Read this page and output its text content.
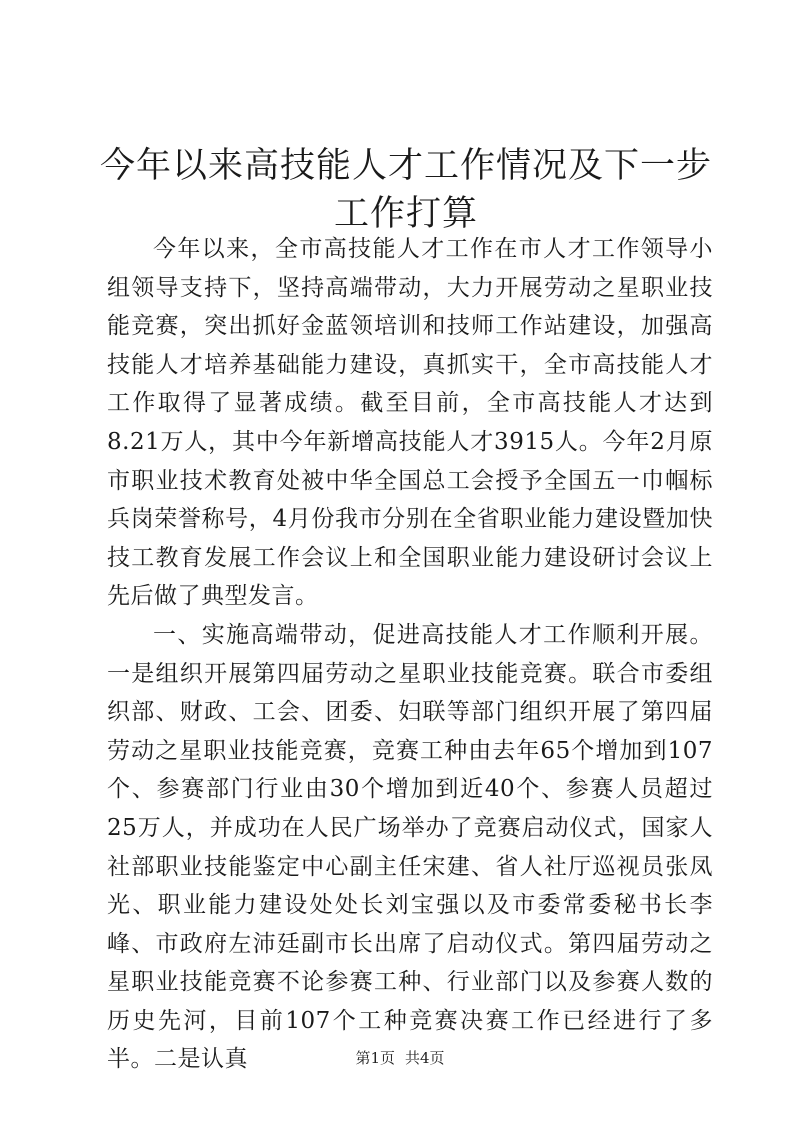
今年以来高技能人才工作情况及下一步工作打算

今年以来，全市高技能人才工作在市人才工作领导小组领导支持下，坚持高端带动，大力开展劳动之星职业技能竞赛，突出抓好金蓝领培训和技师工作站建设，加强高技能人才培养基础能力建设，真抓实干，全市高技能人才工作取得了显著成绩。截至目前，全市高技能人才达到8.21万人，其中今年新增高技能人才3915人。今年2月原市职业技术教育处被中华全国总工会授予全国五一巾帼标兵岗荣誉称号，4月份我市分别在全省职业能力建设暨加快技工教育发展工作会议上和全国职业能力建设研讨会议上先后做了典型发言。

一、实施高端带动，促进高技能人才工作顺利开展。一是组织开展第四届劳动之星职业技能竞赛。联合市委组织部、财政、工会、团委、妇联等部门组织开展了第四届劳动之星职业技能竞赛，竞赛工种由去年65个增加到107个、参赛部门行业由30个增加到近40个、参赛人员超过25万人，并成功在人民广场举办了竞赛启动仪式，国家人社部职业技能鉴定中心副主任宋建、省人社厅巡视员张凤光、职业能力建设处处长刘宝强以及市委常委秘书长李峰、市政府左沛廷副市长出席了启动仪式。第四届劳动之星职业技能竞赛不论参赛工种、行业部门以及参赛人数的历史先河，目前107个工种竞赛决赛工作已经进行了多半。二是认真	第1页 共4页
